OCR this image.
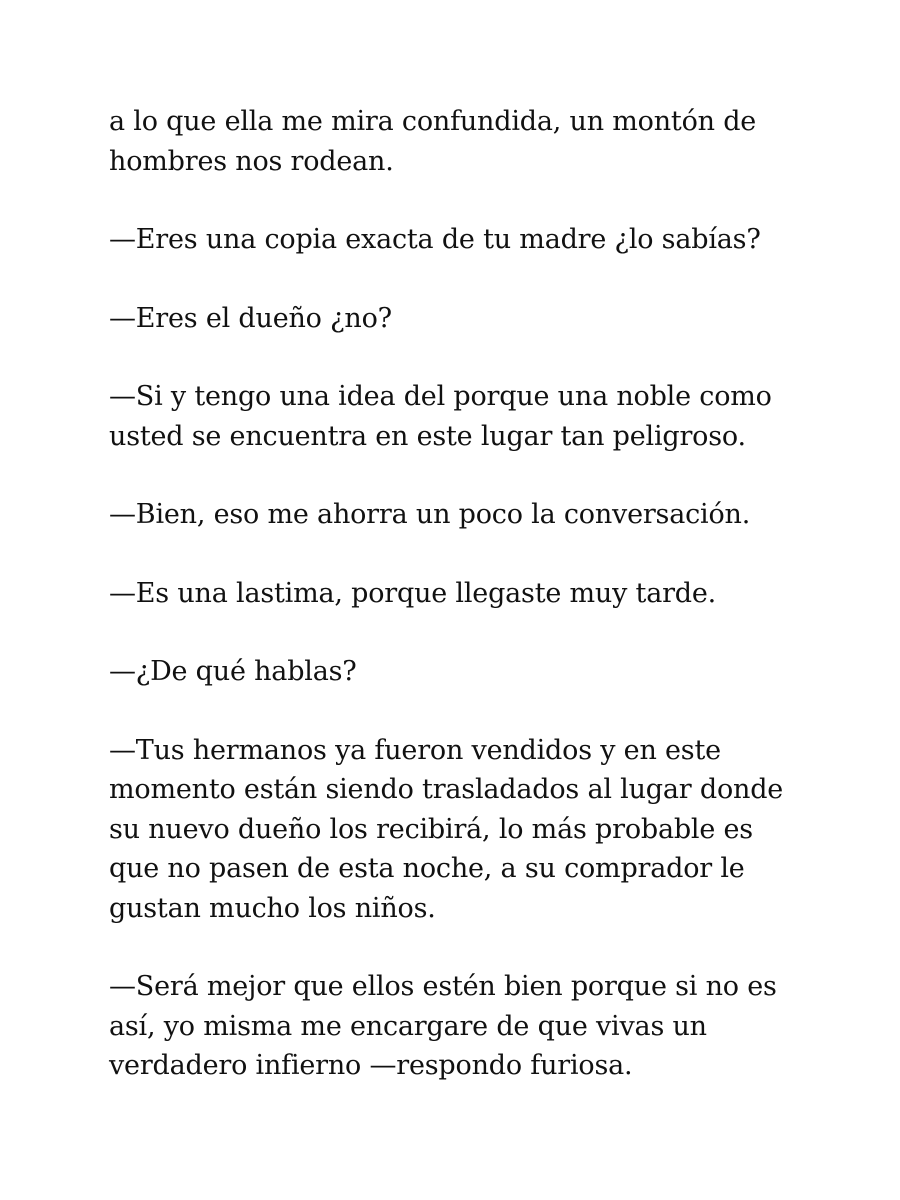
a lo que ella me mira confundida, un montón de
hombres nos rodean.

—Eres una copia exacta de tu madre ¿lo sabías?

—Eres el dueño ¿no?

—Si y tengo una idea del porque una noble como
usted se encuentra en este lugar tan peligroso.

—Bien, eso me ahorra un poco la conversación.

—Es una lastima, porque llegaste muy tarde.

—¿De qué hablas?

—Tus hermanos ya fueron vendidos y en este
momento están siendo trasladados al lugar donde
su nuevo dueño los recibirá, lo más probable es
que no pasen de esta noche, a su comprador le
gustan mucho los niños.

—Será mejor que ellos estén bien porque si no es
así, yo misma me encargare de que vivas un
verdadero infierno —respondo furiosa.
